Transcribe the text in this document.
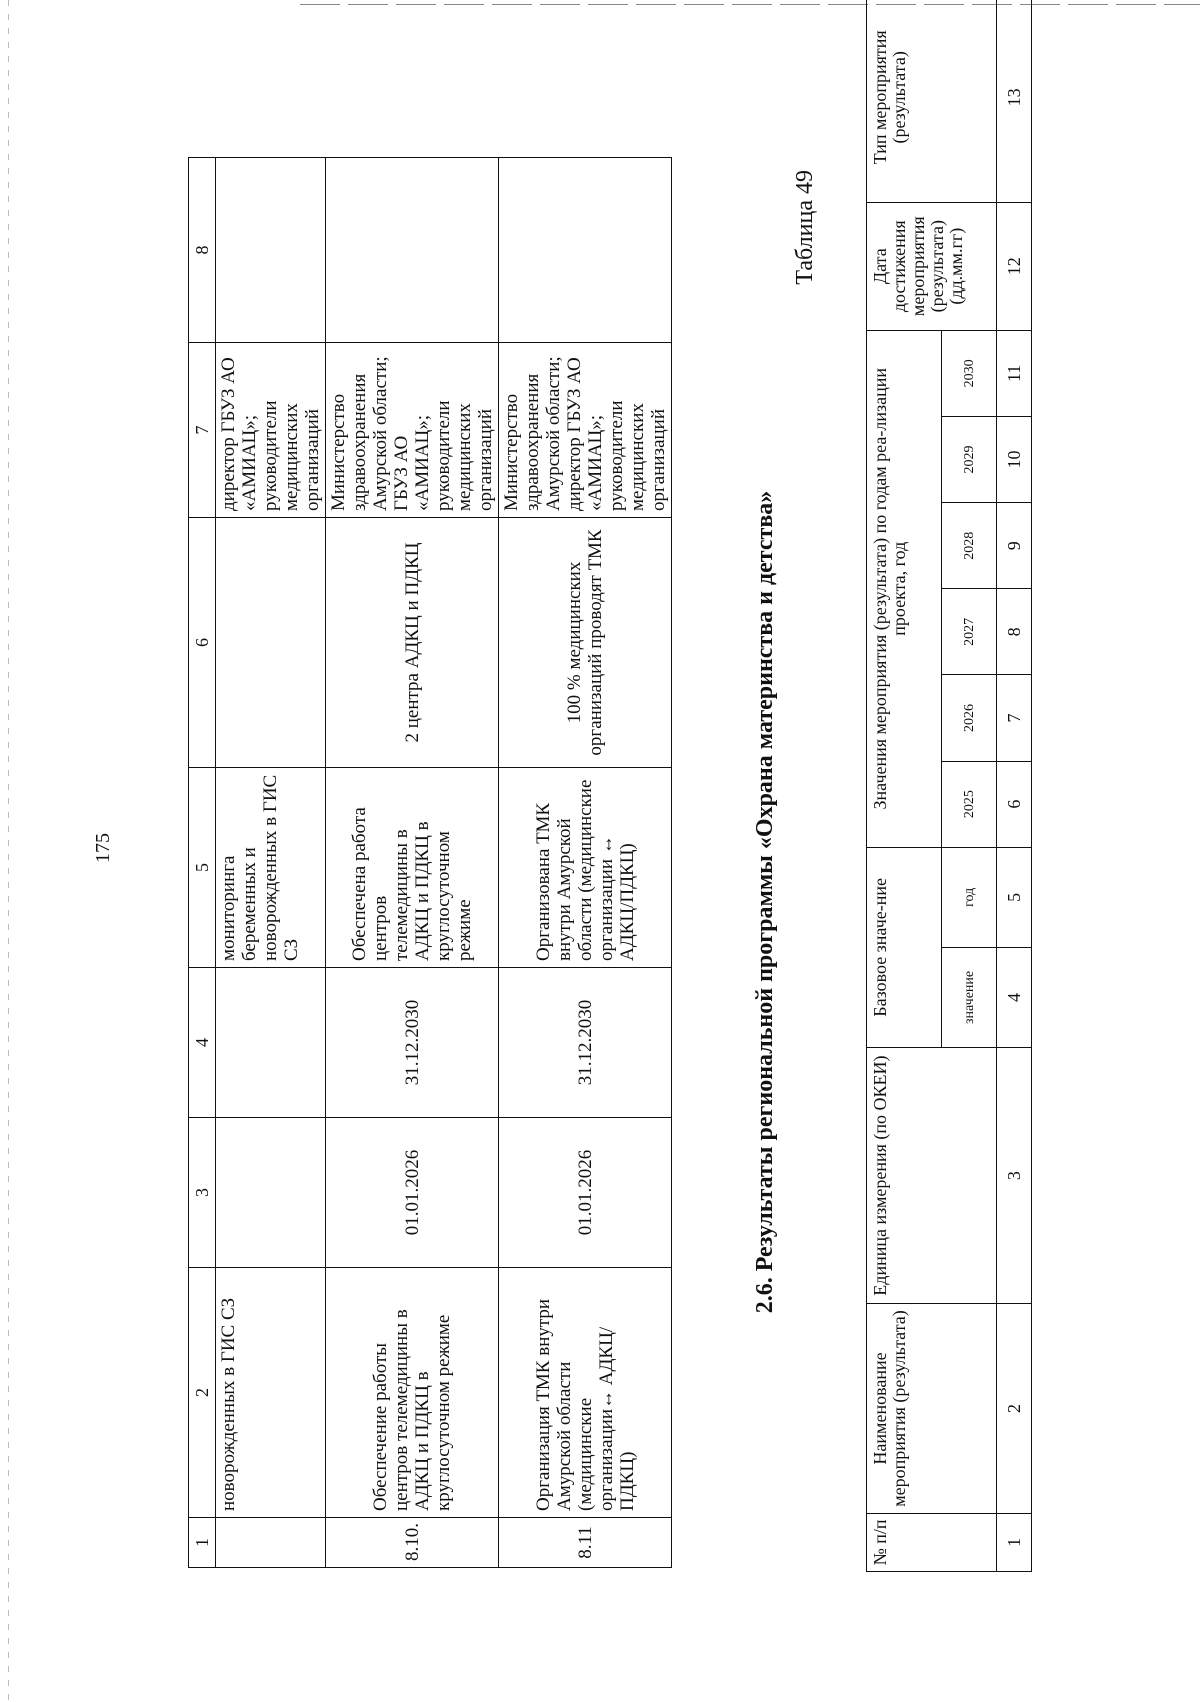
175
1	2	3	4	5	6	7	8
	новорожденных в ГИС СЗ			мониторинга беременных и новорожденных в ГИС СЗ		директор ГБУЗ АО «АМИАЦ»; руководители медицинских организаций	
8.10.	Обеспечение работы центров телемедицины в АДКЦ и ПДКЦ в круглосуточном режиме	01.01.2026	31.12.2030	Обеспечена работа центров телемедицины в АДКЦ и ПДКЦ в круглосуточном режиме	2 центра АДКЦ и ПДКЦ	Министерство здравоохранения Амурской области; ГБУЗ АО «АМИАЦ»; руководители медицинских организаций	
8.11	Организация ТМК внутри Амурской области (медицинские организации↔ АДКЦ/ПДКЦ)	01.01.2026	31.12.2030	Организована ТМК внутри Амурской области (медицинские организации ↔ АДКЦ/ПДКЦ)	100 % медицинских организаций проводят ТМК	Министерство здравоохранения Амурской области; директор ГБУЗ АО «АМИАЦ»; руководители медицинских организаций	
2.6. Результаты региональной программы «Охрана материнства и детства»
Таблица 49
№ п/п	Наименование мероприятия (результата)	Единица измерения (по ОКЕИ)	Базовое значе-ние		Значения мероприятия (результата) по годам реа-лизации проекта, год						Дата достижения мероприятия (результата) (дд.мм.гг)	Тип мероприятия (результата)
			значение	год	2025	2026	2027	2028	2029	2030		
1	2	3	4	5	6	7	8	9	10	11	12	13
